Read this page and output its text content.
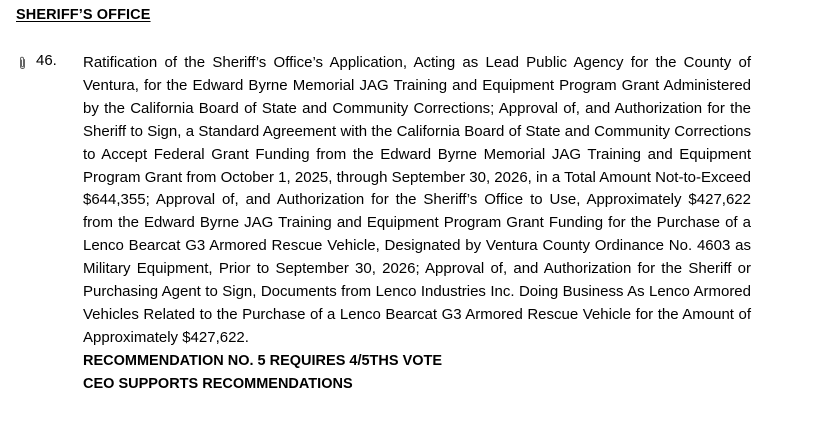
SHERIFF’S OFFICE
46. Ratification of the Sheriff’s Office’s Application, Acting as Lead Public Agency for the County of Ventura, for the Edward Byrne Memorial JAG Training and Equipment Program Grant Administered by the California Board of State and Community Corrections; Approval of, and Authorization for the Sheriff to Sign, a Standard Agreement with the California Board of State and Community Corrections to Accept Federal Grant Funding from the Edward Byrne Memorial JAG Training and Equipment Program Grant from October 1, 2025, through September 30, 2026, in a Total Amount Not-to-Exceed $644,355; Approval of, and Authorization for the Sheriff’s Office to Use, Approximately $427,622 from the Edward Byrne JAG Training and Equipment Program Grant Funding for the Purchase of a Lenco Bearcat G3 Armored Rescue Vehicle, Designated by Ventura County Ordinance No. 4603 as Military Equipment, Prior to September 30, 2026; Approval of, and Authorization for the Sheriff or Purchasing Agent to Sign, Documents from Lenco Industries Inc. Doing Business As Lenco Armored Vehicles Related to the Purchase of a Lenco Bearcat G3 Armored Rescue Vehicle for the Amount of Approximately $427,622.

RECOMMENDATION NO. 5 REQUIRES 4/5THS VOTE

CEO SUPPORTS RECOMMENDATIONS
